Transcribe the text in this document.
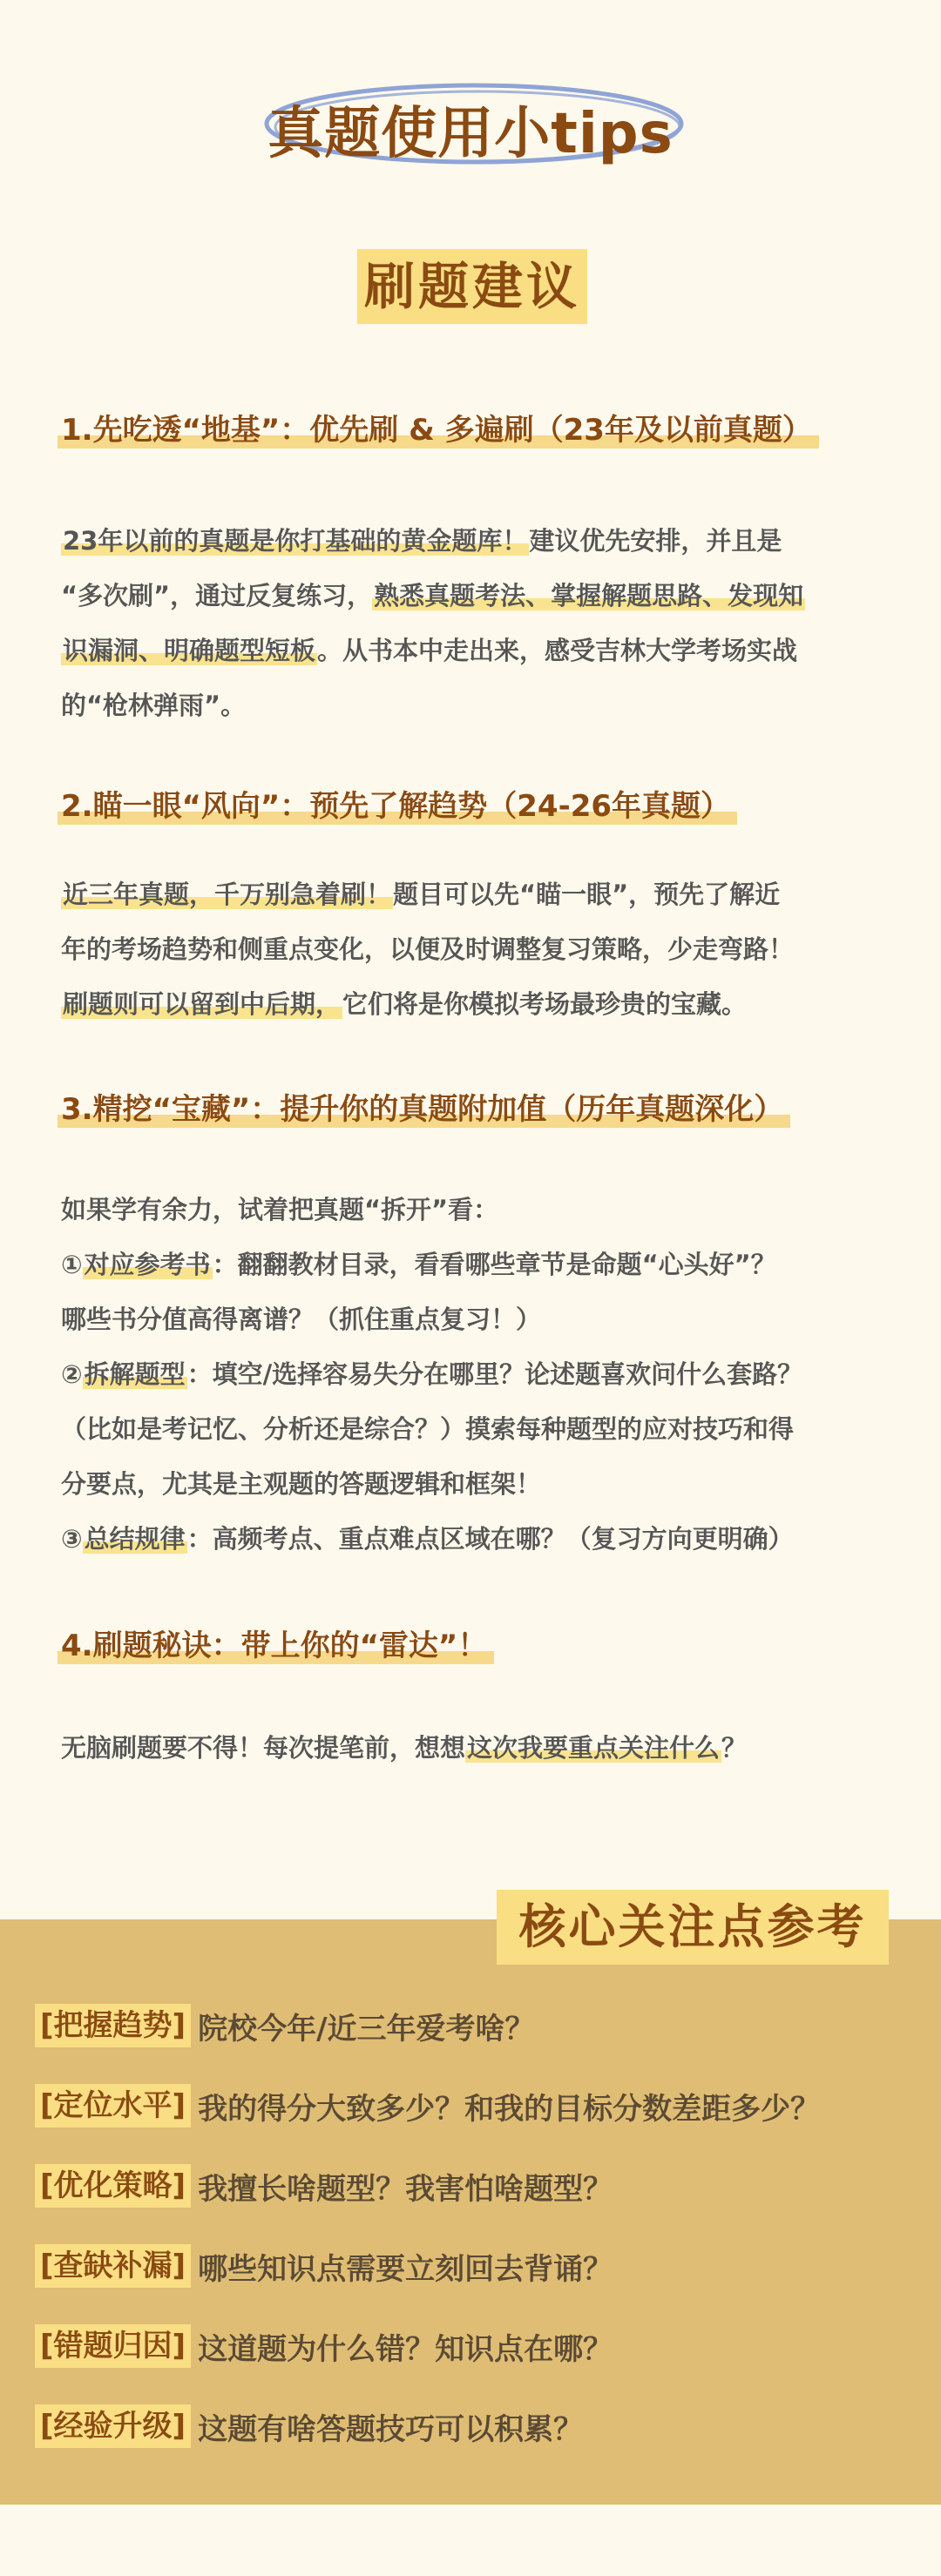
真题使用小tips
刷题建议
1.先吃透“地基”：优先刷 & 多遍刷（23年及以前真题）
23年以前的真题是你打基础的黄金题库！建议优先安排，并且是
“多次刷”，通过反复练习，熟悉真题考法、掌握解题思路、发现知
识漏洞、明确题型短板。从书本中走出来，感受吉林大学考场实战
的“枪林弹雨”。
2.瞄一眼“风向”：预先了解趋势（24-26年真题）
近三年真题，千万别急着刷！题目可以先“瞄一眼”，预先了解近
年的考场趋势和侧重点变化，以便及时调整复习策略，少走弯路！
刷题则可以留到中后期，它们将是你模拟考场最珍贵的宝藏。
3.精挖“宝藏”：提升你的真题附加值（历年真题深化）
如果学有余力，试着把真题“拆开”看：
①对应参考书：翻翻教材目录，看看哪些章节是命题“心头好”？
哪些书分值高得离谱？（抓住重点复习！）
②拆解题型：填空/选择容易失分在哪里？论述题喜欢问什么套路？
（比如是考记忆、分析还是综合？）摸索每种题型的应对技巧和得
分要点，尤其是主观题的答题逻辑和框架！
③总结规律：高频考点、重点难点区域在哪？（复习方向更明确）
4.刷题秘诀：带上你的“雷达”！
无脑刷题要不得！每次提笔前，想想这次我要重点关注什么？
核心关注点参考
[把握趋势] 院校今年/近三年爱考啥？
[定位水平] 我的得分大致多少？和我的目标分数差距多少？
[优化策略] 我擅长啥题型？我害怕啥题型？
[查缺补漏] 哪些知识点需要立刻回去背诵？
[错题归因] 这道题为什么错？知识点在哪？
[经验升级] 这题有啥答题技巧可以积累？
